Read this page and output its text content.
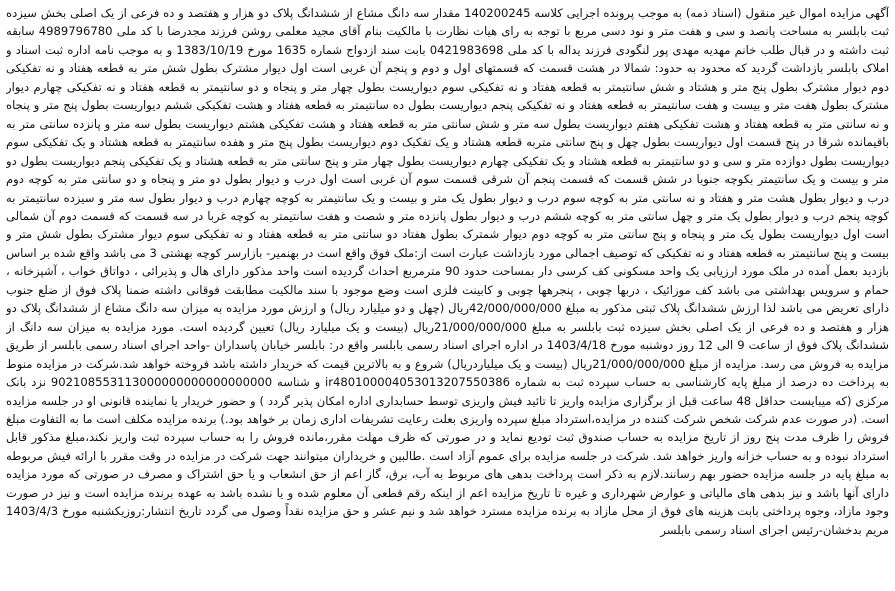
آگهی مزایده اموال غیر منقول (اسناد ذمه) به موجب پرونده اجرایی کلاسه 140200245 مقدار سه دانگ مشاع از ششدانگ پلاک دو هزار و هفتصد و ده فرعی از یک اصلی بخش سیزده ثبت بابلسر به مساحت پانصد و سی و هفت متر و نود دسی مربع با توجه به رای هیات نظارت با مالکیت بنام آقای مجید معلمی روشن فرزند مجدرضا با کد ملی 4989796780 سابقه ثبت داشته و در قبال طلب خانم مهدیه مهدی پور لنگودی فرزند یداله با کد ملی 0421983698 بابت سند ازدواج شماره 1635 مورخ 1383/10/19 و به موجب نامه اداره ثبت اسناد و املاک بابلسر بازداشت گردید که محدود به حدود: شمالا در هشت قسمت که قسمتهای اول و دوم و پنجم آن غربی است اول دیوار مشترک بطول شش متر به قطعه هفتاد و نه تفکیکی دوم دیوار مشترک بطول پنج متر و هشتاد و شش سانتیمتر به قطعه هفتاد و نه تفکیکی سوم دیواریست بطول چهار متر و پنجاه و دو سانتیمتر به قطعه هفتاد و نه تفکیکی چهارم دیوار مشترک بطول هفت متر و بیست و هفت سانتیمتر به قطعه هفتاد و نه تفکیکی پنجم دیواریست بطول ده سانتیمتر به قطعه هفتاد و هشت تفکیکی ششم دیواریست بطول پنج متر و پنجاه و نه سانتی متر به قطعه هفتاد و هشت تفکیکی هفتم دیواریست بطول سه متر و شش سانتی متر به قطعه هفتاد و هشت تفکیکی هشتم دیواریست بطول سه متر و پانزده سانتی متر به باقیمانده شرقا در پنج قسمت اول دیواریست بطول چهل و پنج سانتی متربه قطعه هشتاد و یک تفکیک دوم دیواریست بطول پنج متر و هفده سانتیمتر به قطعه هشتاد و یک تفکیکی سوم دیواریست بطول دوازده متر و سی و دو سانتیمتر به قطعه هشتاد و یک تفکیکی چهارم دیواریست بطول چهار متر و پنج سانتی متر به قطعه هشتاد و یک تفکیکی پنجم دیواریست بطول دو متر و بیست و یک سانتیمتر بکوچه جنوبا در شش قسمت که قسمت پنجم آن شرقی قسمت سوم آن غربی است اول درب و دیوار بطول دو متر و پنجاه و دو سانتی متر به کوچه دوم درب و دیوار بطول هشت متر و هفتاد و نه سانتی متر به کوچه سوم درب و دیوار بطول یک متر و بیست و یک سانتیمتر به کوچه چهارم درب و دیوار بطول سه متر و سیزده سانتیمتر به کوچه پنجم درب و دیوار بطول یک متر و چهل سانتی متر به کوچه ششم درب و دیوار بطول پانزده متر و شصت و هفت سانتیمتر به کوچه غربا در سه قسمت که قسمت دوم آن شمالی است اول دیواریست بطول یک متر و پنجاه و پنج سانتی متر به کوچه دوم دیوار شمترک بطول هفتاد دو سانتی متر به قطعه هفتاد و نه تفکیکی سوم دیوار مشترک بطول شش متر و بیست و پنج سانتیمتر به قطعه هفتاد و نه تفکیکی که توصیف اجمالی مورد بازداشت عبارت است از:ملک فوق واقع است در بهنمیر- بازارسر کوچه بهشتی 3 می باشد واقع شده بر اساس بازدید بعمل آمده در ملک مورد ارزیابی یک واحد مسکونی کف کرسی دار بمساحت حدود 90 مترمربع احداث گردیده است واحد مذکور دارای هال و پذیرائی ، دواتاق خواب ، آشپزخانه ، حمام و سرویس بهداشتی می باشد کف موزائیک ، دربها چوبی ، پنجرهها چوبی و کابینت فلزی است وضع موجود با سند مالکیت مطابقت فوقانی داشته ضمنا پلاک فوق از ضلع جنوب دارای تعریض می باشد لذا ارزش ششدانگ پلاک ثبتی مذکور به مبلغ 42/000/000/000ریال (چهل و دو میلیارد ریال) و ارزش مورد مزایده به میزان سه دانگ مشاع از ششدانگ پلاک دو هزار و هفتصد و ده فرعی از یک اصلی بخش سیزده ثبت بابلسر به مبلغ 21/000/000/000ریال (بیست و یک میلیارد ریال) تعیین گردیده است. مورد مزایده به میزان سه دانگ از ششدانگ پلاک فوق از ساعت 9 الی 12 روز دوشنبه مورخ 1403/4/18 در اداره اجرای اسناد رسمی بابلسر واقع در: بابلسر خیابان پاسداران -واحد اجرای اسناد رسمی بابلسر از طریق مزایده به فروش می رسد. مزایده از مبلغ 21/000/000/000ریال (بیست و یک میلیاردریال) شروع و به بالاترین قیمت که خریدار داشته باشد فروخته خواهد شد.شرکت در مزایده منوط به پرداخت ده درصد از مبلغ پایه کارشناسی به حساب سپرده ثبت به شماره ir480100004053013207550386 و شناسه 902108553113000000000000000000 نزد بانک مرکزی (که میبایست حداقل 48 ساعت قبل از برگزاری مزایده واریز تا تائید فیش واریزی توسط حسابداری اداره امکان پذیر گردد ) و حضور خریدار یا نماینده قانونی او در جلسه مزایده است. (در صورت عدم شرکت شخص شرکت کننده در مزایده،استرداد مبلغ سپرده واریزی بعلت رعایت تشریفات اداری زمان بر خواهد بود.) برنده مزایده مکلف است ما به التفاوت مبلغ فروش را ظرف مدت پنج روز از تاریخ مزایده به حساب صندوق ثبت تودیع نماید و در صورتی که ظرف مهلت مقرر،مانده فروش را به حساب سپرده ثبت واریز نکند،مبلغ مذکور قابل استرداد نبوده و به حساب خزانه واریز خواهد شد. شرکت در جلسه مزایده برای عموم آزاد است .طالبین و خریداران میتوانند جهت شرکت در مزایده در وقت مقرر با ارائه فیش مربوطه به مبلغ پایه در جلسه مزایده حضور بهم رسانند.لازم به ذکر است پرداخت بدهی های مربوط به آب، برق، گاز اعم از حق انشعاب و یا حق اشتراک و مصرف در صورتی که مورد مزایده دارای آنها باشد و نیز بدهی های مالیاتی و عوارض شهرداری و غیره تا تاریخ مزایده اعم از اینکه رقم قطعی آن معلوم شده و یا نشده باشد به عهده برنده مزایده است و نیز در صورت وجود مازاد، وجوه پرداختی بابت هزینه های فوق از محل مازاد به برنده مزایده مسترد خواهد شد و نیم عشر و حق مزایده نقداً وصول می گردد تاریخ انتشار:روزیکشنبه مورخ 1403/4/3 مریم بدخشان-رئیس اجرای اسناد رسمی بابلسر
